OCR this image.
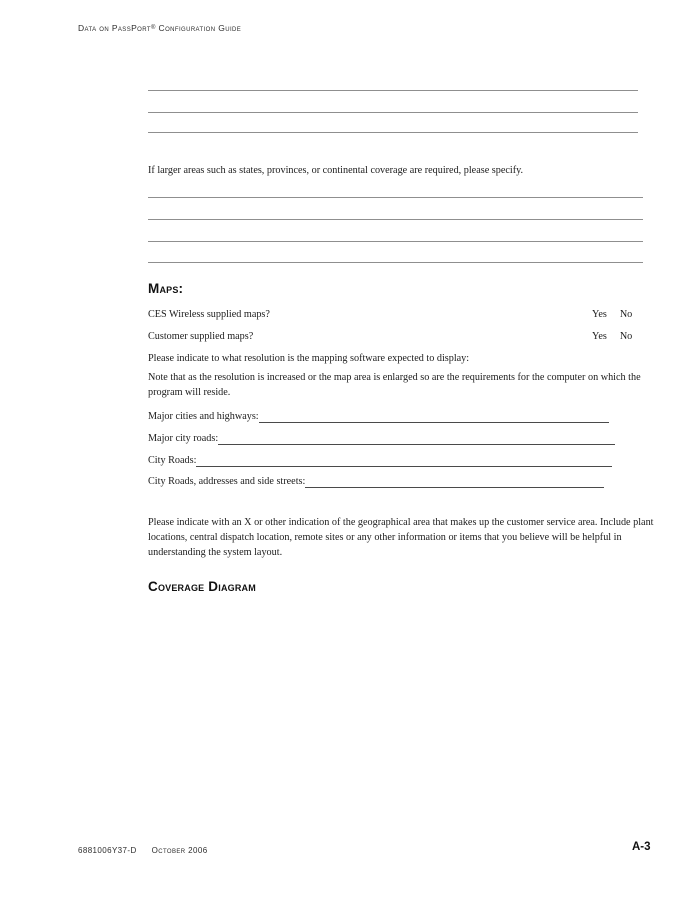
Data on PassPort® Configuration Guide
If larger areas such as states, provinces, or continental coverage are required, please specify.
Maps:
CES Wireless supplied maps?	Yes No
Customer supplied maps?	Yes No
Please indicate to what resolution is the mapping software expected to display:
Note that as the resolution is increased or the map area is enlarged so are the requirements for the computer on which the program will reside.
Major cities and highways:
Major city roads:
City Roads:
City Roads, addresses and side streets:
Please indicate with an X or other indication of the geographical area that makes up the customer service area. Include plant locations, central dispatch location, remote sites or any other information or items that you believe will be helpful in understanding the system layout.
Coverage Diagram
6881006Y37-D October 2006	A-3
